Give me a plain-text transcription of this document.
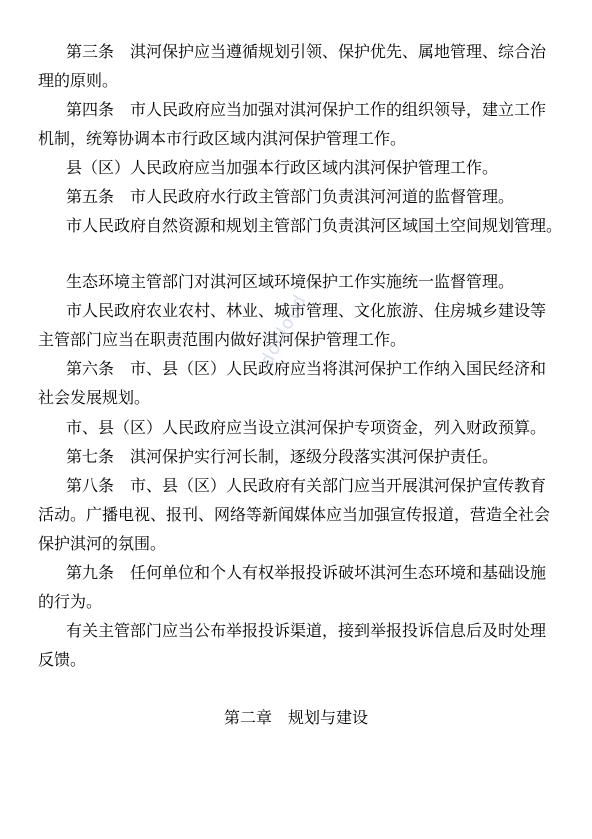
第三条　淇河保护应当遵循规划引领、保护优先、属地管理、综合治理的原则。

第四条　市人民政府应当加强对淇河保护工作的组织领导，建立工作机制，统筹协调本市行政区域内淇河保护管理工作。

县（区）人民政府应当加强本行政区域内淇河保护管理工作。

第五条　市人民政府水行政主管部门负责淇河河道的监督管理。

市人民政府自然资源和规划主管部门负责淇河区域国土空间规划管理。

生态环境主管部门对淇河区域环境保护工作实施统一监督管理。

市人民政府农业农村、林业、城市管理、文化旅游、住房城乡建设等主管部门应当在职责范围内做好淇河保护管理工作。

第六条　市、县（区）人民政府应当将淇河保护工作纳入国民经济和社会发展规划。

市、县（区）人民政府应当设立淇河保护专项资金，列入财政预算。

第七条　淇河保护实行河长制，逐级分段落实淇河保护责任。

第八条　市、县（区）人民政府有关部门应当开展淇河保护宣传教育活动。广播电视、报刊、网络等新闻媒体应当加强宣传报道，营造全社会保护淇河的氛围。

第九条　任何单位和个人有权举报投诉破坏淇河生态环境和基础设施的行为。

有关主管部门应当公布举报投诉渠道，接到举报投诉信息后及时处理反馈。

第二章　规划与建设
docloud
